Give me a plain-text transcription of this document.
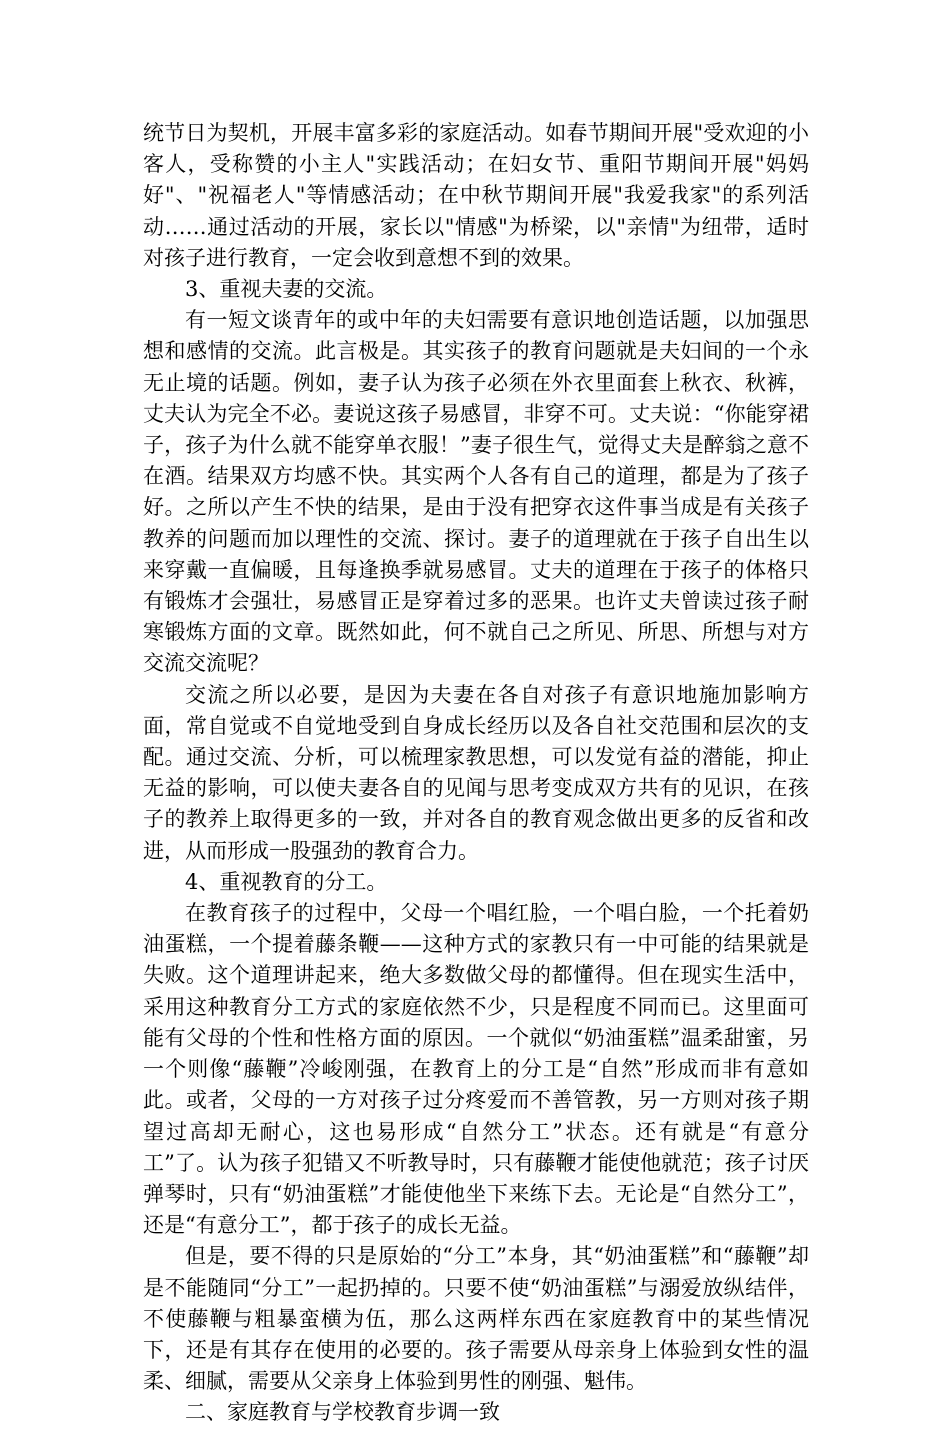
统节日为契机，开展丰富多彩的家庭活动。如春节期间开展"受欢迎的小客人，受称赞的小主人"实践活动；在妇女节、重阳节期间开展"妈妈好"、"祝福老人"等情感活动；在中秋节期间开展"我爱我家"的系列活动……通过活动的开展，家长以"情感"为桥梁，以"亲情"为纽带，适时对孩子进行教育，一定会收到意想不到的效果。

3、重视夫妻的交流。

有一短文谈青年的或中年的夫妇需要有意识地创造话题，以加强思想和感情的交流。此言极是。其实孩子的教育问题就是夫妇间的一个永无止境的话题。例如，妻子认为孩子必须在外衣里面套上秋衣、秋裤，丈夫认为完全不必。妻说这孩子易感冒，非穿不可。丈夫说：“你能穿裙子，孩子为什么就不能穿单衣服！”妻子很生气，觉得丈夫是醉翁之意不在酒。结果双方均感不快。其实两个人各有自己的道理，都是为了孩子好。之所以产生不快的结果，是由于没有把穿衣这件事当成是有关孩子教养的问题而加以理性的交流、探讨。妻子的道理就在于孩子自出生以来穿戴一直偏暖，且每逢换季就易感冒。丈夫的道理在于孩子的体格只有锻炼才会强壮，易感冒正是穿着过多的恶果。也许丈夫曾读过孩子耐寒锻炼方面的文章。既然如此，何不就自己之所见、所思、所想与对方交流交流呢？

交流之所以必要，是因为夫妻在各自对孩子有意识地施加影响方面，常自觉或不自觉地受到自身成长经历以及各自社交范围和层次的支配。通过交流、分析，可以梳理家教思想，可以发觉有益的潜能，抑止无益的影响，可以使夫妻各自的见闻与思考变成双方共有的见识，在孩子的教养上取得更多的一致，并对各自的教育观念做出更多的反省和改进，从而形成一股强劲的教育合力。

4、重视教育的分工。

在教育孩子的过程中，父母一个唱红脸，一个唱白脸，一个托着奶油蛋糕，一个提着藤条鞭——这种方式的家教只有一中可能的结果就是失败。这个道理讲起来，绝大多数做父母的都懂得。但在现实生活中，采用这种教育分工方式的家庭依然不少，只是程度不同而已。这里面可能有父母的个性和性格方面的原因。一个就似“奶油蛋糕”温柔甜蜜，另一个则像“藤鞭”冷峻刚强，在教育上的分工是“自然”形成而非有意如此。或者，父母的一方对孩子过分疼爱而不善管教，另一方则对孩子期望过高却无耐心，这也易形成“自然分工”状态。还有就是“有意分工”了。认为孩子犯错又不听教导时，只有藤鞭才能使他就范；孩子讨厌弹琴时，只有“奶油蛋糕”才能使他坐下来练下去。无论是“自然分工”，还是“有意分工”，都于孩子的成长无益。

但是，要不得的只是原始的“分工”本身，其“奶油蛋糕”和“藤鞭”却是不能随同“分工”一起扔掉的。只要不使“奶油蛋糕”与溺爱放纵结伴，不使藤鞭与粗暴蛮横为伍，那么这两样东西在家庭教育中的某些情况下，还是有其存在使用的必要的。孩子需要从母亲身上体验到女性的温柔、细腻，需要从父亲身上体验到男性的刚强、魁伟。

二、家庭教育与学校教育步调一致
